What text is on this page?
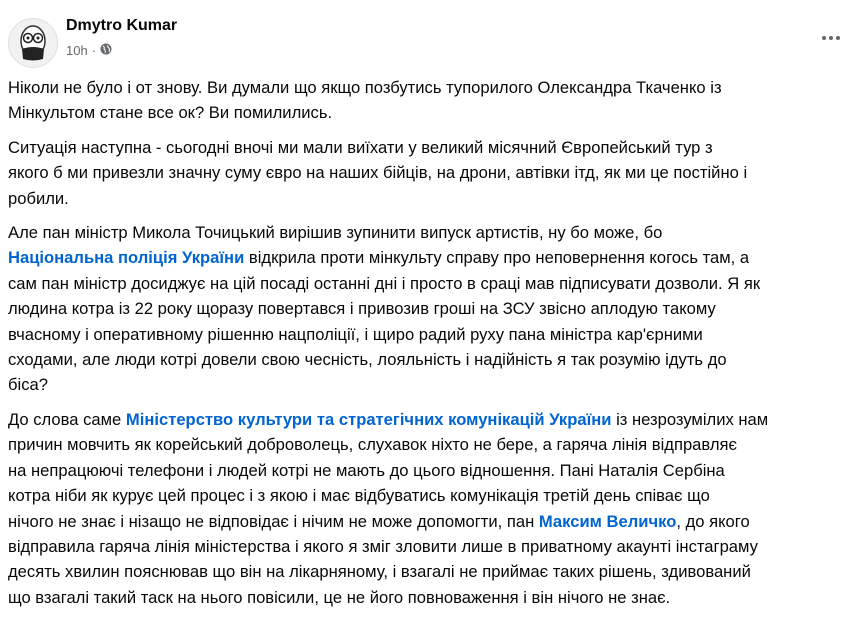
Dmytro Kumar
10h ·
Ніколи не було і от знову. Ви думали що якщо позбутись тупорилого Олександра Ткаченко із
Мінкультом стане все ок? Ви помилились.
Ситуація наступна - сьогодні вночі ми мали виїхати у великий місячний Європейський тур з
якого б ми привезли значну суму євро на наших бійців, на дрони, автівки ітд, як ми це постійно і
робили.
Але пан міністр Микола Точицький вирішив зупинити випуск артистів, ну бо може, бо
Національна поліція України відкрила проти мінкульту справу про неповернення когось там, а
сам пан міністр досиджує на цій посаді останні дні і просто в сраці мав підписувати дозволи. Я як
людина котра із 22 року щоразу повертався і привозив гроші на ЗСУ звісно аплодую такому
вчасному і оперативному рішенню нацполіції, і щиро радий руху пана міністра кар'єрними
сходами, але люди котрі довели свою чесність, лояльність і надійність я так розумію ідуть до
біса?
До слова саме Міністерство культури та стратегічних комунікацій України із незрозумілих нам
причин мовчить як корейський доброволець, слухавок ніхто не бере, а гаряча лінія відправляє
на непрацюючі телефони і людей котрі не мають до цього відношення. Пані Наталія Сербіна
котра ніби як курує цей процес і з якою і має відбуватись комунікація третій день співає що
нічого не знає і нізащо не відповідає і нічим не може допомогти, пан Максим Величко, до якого
відправила гаряча лінія міністерства і якого я зміг зловити лише в приватному акаунті інстаграму
десять хвилин пояснював що він на лікарняному, і взагалі не приймає таких рішень, здивований
що взагалі такий таск на нього повісили, це не його повноваження і він нічого не знає.
